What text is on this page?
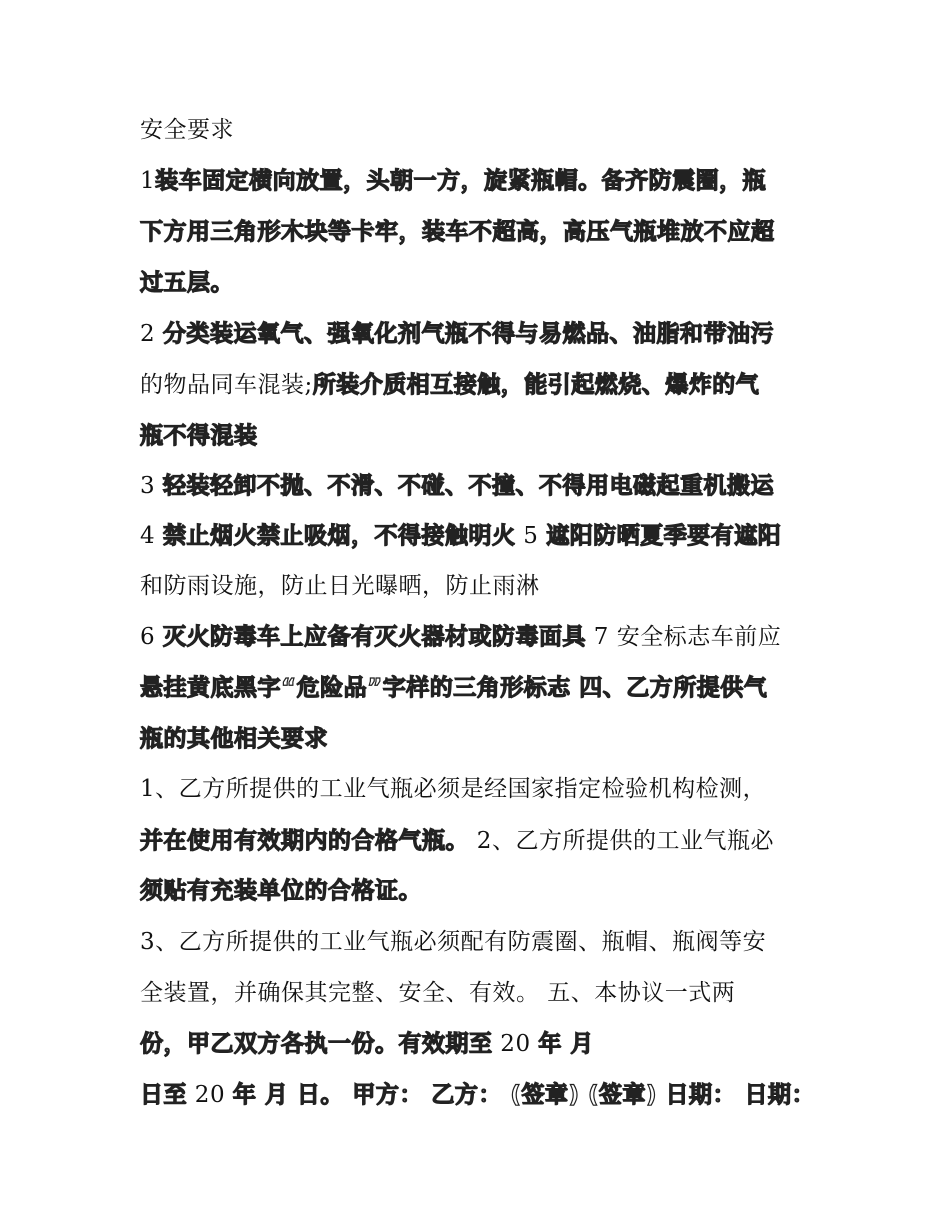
安全要求
1装车固定横向放置，头朝一方，旋紧瓶帽。备齐防震圈，瓶
下方用三角形木块等卡牢，装车不超高，高压气瓶堆放不应超
过五层。
2 分类装运氧气、强氧化剂气瓶不得与易燃品、油脂和带油污
的物品同车混装;所装介质相互接触，能引起燃烧、爆炸的气
瓶不得混装
3 轻装轻卸不抛、不滑、不碰、不撞、不得用电磁起重机搬运
4 禁止烟火禁止吸烟，不得接触明火 5 遮阳防晒夏季要有遮阳
和防雨设施，防止日光曝晒，防止雨淋
6 灭火防毒车上应备有灭火器材或防毒面具 7 安全标志车前应
悬挂黄底黑字“危险品”字样的三角形标志 四、乙方所提供气
瓶的其他相关要求
1、乙方所提供的工业气瓶必须是经国家指定检验机构检测，
并在使用有效期内的合格气瓶。 2、乙方所提供的工业气瓶必
须贴有充装单位的合格证。
3、乙方所提供的工业气瓶必须配有防震圈、瓶帽、瓶阀等安
全装置，并确保其完整、安全、有效。 五、本协议一式两
份，甲乙双方各执一份。有效期至 20 年 月
日至 20 年 月 日。 甲方： 乙方： (签章) (签章) 日期： 日期：
